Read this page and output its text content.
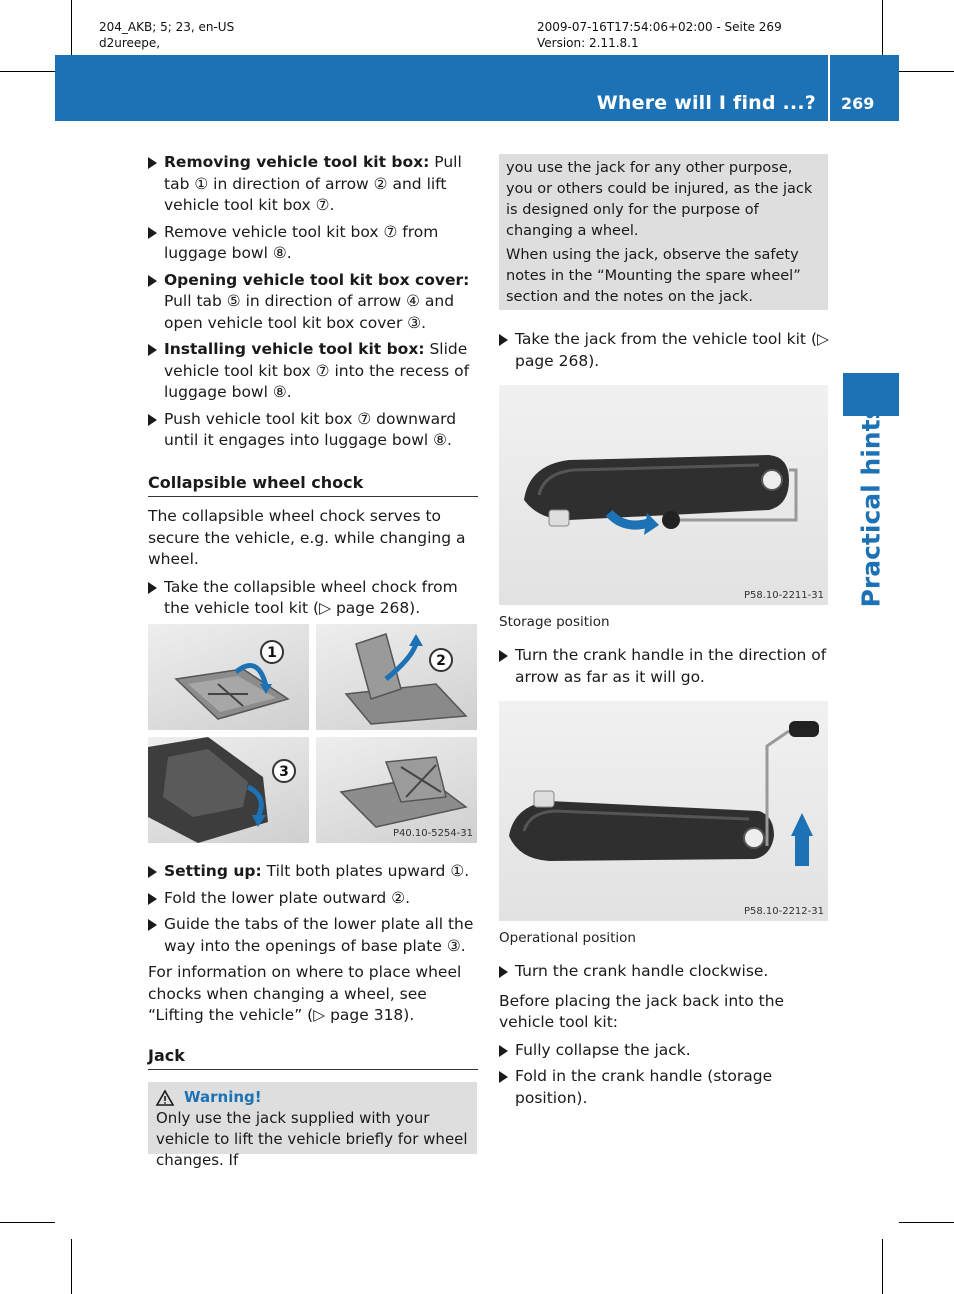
204_AKB; 5; 23, en-US
d2ureepe,
2009-07-16T17:54:06+02:00 - Seite 269
Version: 2.11.8.1
Where will I find ...? 269
Practical hints
Removing vehicle tool kit box: Pull tab ① in direction of arrow ② and lift vehicle tool kit box ⑦.
Remove vehicle tool kit box ⑦ from luggage bowl ⑧.
Opening vehicle tool kit box cover: Pull tab ⑤ in direction of arrow ④ and open vehicle tool kit box cover ③.
Installing vehicle tool kit box: Slide vehicle tool kit box ⑦ into the recess of luggage bowl ⑧.
Push vehicle tool kit box ⑦ downward until it engages into luggage bowl ⑧.
Collapsible wheel chock
The collapsible wheel chock serves to secure the vehicle, e.g. while changing a wheel.
Take the collapsible wheel chock from the vehicle tool kit (▷ page 268).
1	2
3
P40.10-5254-31
Setting up: Tilt both plates upward ①.
Fold the lower plate outward ②.
Guide the tabs of the lower plate all the way into the openings of base plate ③.
For information on where to place wheel chocks when changing a wheel, see “Lifting the vehicle” (▷ page 318).
Jack
Warning!
Only use the jack supplied with your vehicle to lift the vehicle briefly for wheel changes. If

you use the jack for any other purpose, you or others could be injured, as the jack is designed only for the purpose of changing a wheel.

When using the jack, observe the safety notes in the “Mounting the spare wheel” section and the notes on the jack.

Take the jack from the vehicle tool kit (▷ page 268).
P58.10-2211-31
Storage position
Turn the crank handle in the direction of arrow as far as it will go.
P58.10-2212-31
Operational position
Turn the crank handle clockwise.
Before placing the jack back into the vehicle tool kit:
Fully collapse the jack.
Fold in the crank handle (storage position).
